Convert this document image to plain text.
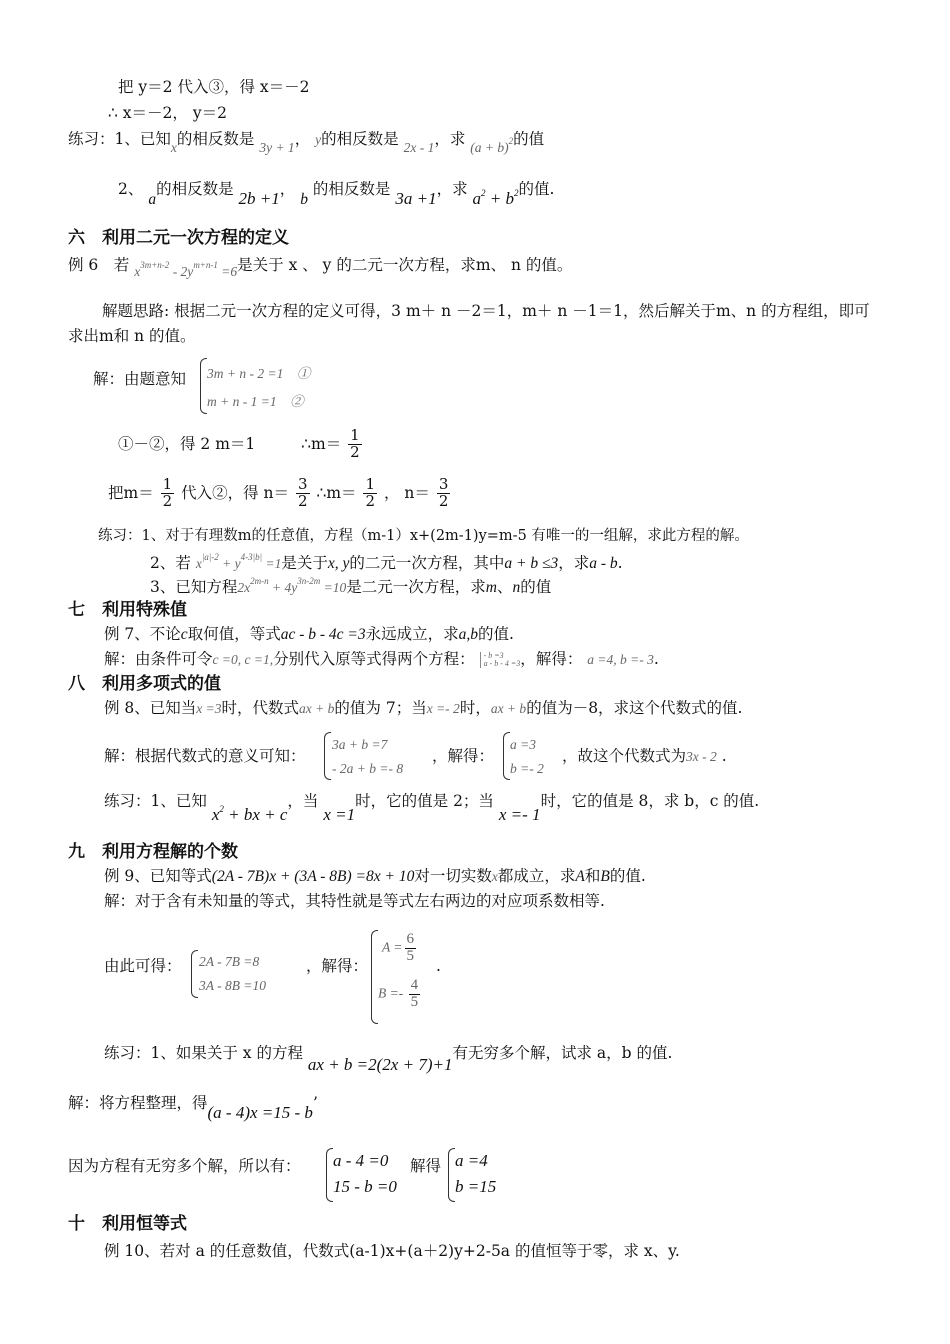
把 y＝2 代入③，得 x＝－2
∴ x＝－2， y＝2
练习：1、已知x的相反数是 3y + 1， y的相反数是 2x - 1，求 $(a + b)^2$的值
2、 a的相反数是 2b +1， b 的相反数是 3a +1，求 $a^2 + b^2$的值.
六　利用二元一次方程的定义
例 6　若 $x^{3m+n-2} - 2y^{m+n-1} =6$是关于 x 、 y 的二元一次方程，求m、 n 的值。
解题思路: 根据二元一次方程的定义可得，3 m＋ n －2＝1，m＋ n －1＝1，然后解关于m、n 的方程组，即可
求出m和 n 的值。
解：由题意知 3m + n - 2 =1　①
m + n - 1 =1　②
①－②，得 2 m＝1	∴m＝ $\frac{1}{2}$
把$m= \frac{1}{2}$ 代入②，得 $n= \frac{3}{2}$ ∴m＝ $\frac{1}{2}$ ， $n= \frac{3}{2}$
练习：1、对于有理数m的任意值，方程（m-1）x+(2m-1)y=m-5 有唯一的一组解，求此方程的解。
2、若 $x^{|a|-2} + y^{4-3|b|} =1$是关于x, y的二元一次方程，其中a + b ≤3，求a - b.
3、已知方程$2x^{2m-n} + 4y^{3n-2m} =10$是二元一次方程，求m、n的值
七　利用特殊值
例 7、不论c取何值，等式ac - b - 4c =3永远成立，求a,b的值.
解：由条件可令c =0, c =1,分别代入原等式得两个方程： - b =3
a - b - 4 =3，解得： a =4, b =- 3.
八　利用多项式的值
例 8、已知当x =3时，代数式ax + b的值为 7；当x =- 2时，ax + b的值为－8，求这个代数式的值.
解：根据代数式的意义可知：
3a + b =7
- 2a + b =- 8
，解得：
a =3
b =- 2
，故这个代数式为3x - 2 .
练习：1、已知 $x^2$ + bx + c，当 x =1时，它的值是 2；当 x =- 1时，它的值是 8，求 b，c 的值.
九　利用方程解的个数
例 9、已知等式(2A - 7B)x + (3A - 8B) =8x + 10对一切实数x都成立，求A和B的值.
解：对于含有未知量的等式，其特性就是等式左右两边的对应项系数相等.
由此可得： 2A - 7B =8
3A - 8B =10
，解得：
$A = \frac{6}{5}$
$B =- \frac{4}{5}$
.
练习：1、如果关于 x 的方程 ax + b =2(2x + 7)+1有无穷多个解，试求 a，b 的值.
解：将方程整理，得(a - 4)x =15 - b’
因为方程有无穷多个解，所以有： a - 4 =0
15 - b =0
解得 a =4
b =15
十　利用恒等式
例 10、若对 a 的任意数值，代数式(a-1)x+(a＋2)y+2-5a 的值恒等于零，求 x、y.
